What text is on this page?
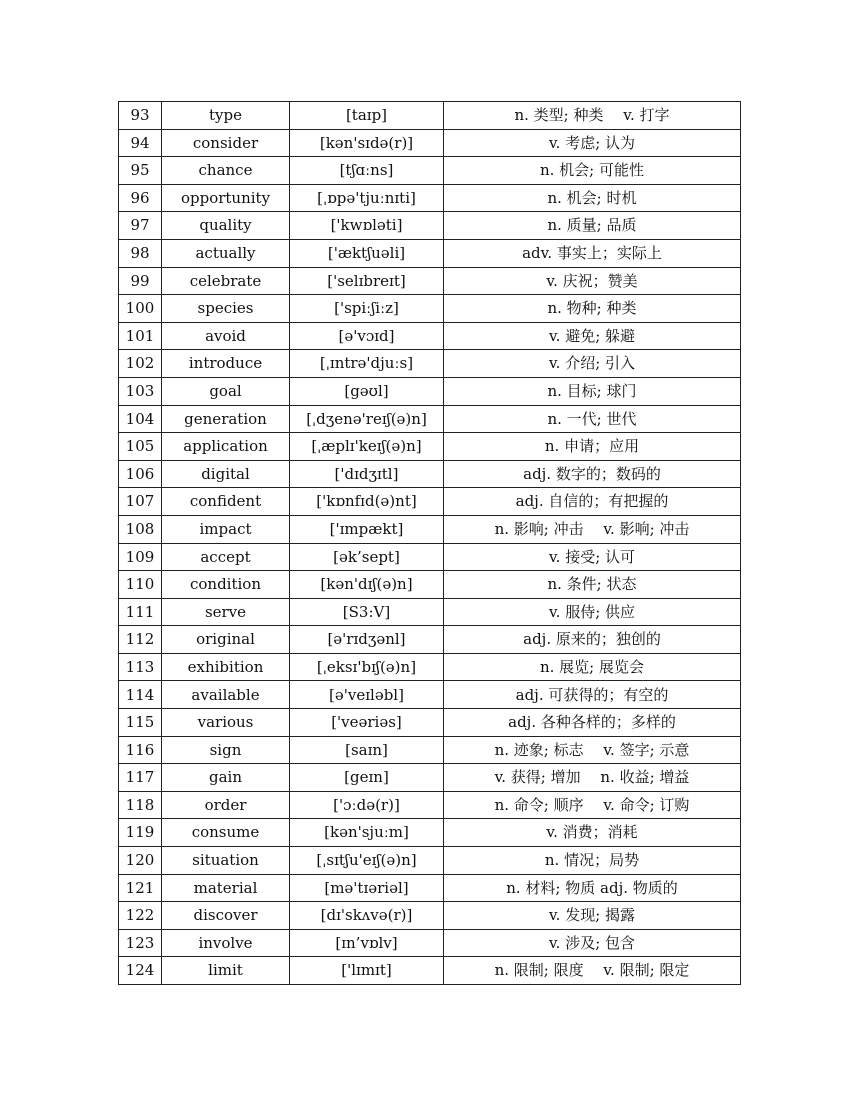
93	type	[taɪp]	n. 类型; 种类  v. 打字
94	consider	[kən'sɪdə(r)]	v. 考虑; 认为
95	chance	[tʃɑːns]	n. 机会; 可能性
96	opportunity	[ˌɒpə'tjuːnɪti]	n. 机会; 时机
97	quality	['kwɒləti]	n. 质量; 品质
98	actually	['æktʃuəli]	adv. 事实上；实际上
99	celebrate	['selɪbreɪt]	v. 庆祝；赞美
100	species	['spiːʃiːz]	n. 物种; 种类
101	avoid	[ə'vɔɪd]	v. 避免; 躲避
102	introduce	[ˌɪntrə'djuːs]	v. 介绍; 引入
103	goal	[gəʊl]	n. 目标; 球门
104	generation	[ˌdʒenə'reɪʃ(ə)n]	n. 一代; 世代
105	application	[ˌæplɪ'keɪʃ(ə)n]	n. 申请；应用
106	digital	['dɪdʒɪtl]	adj. 数字的；数码的
107	confident	['kɒnfɪd(ə)nt]	adj. 自信的；有把握的
108	impact	['ɪmpækt]	n. 影响; 冲击  v. 影响; 冲击
109	accept	[ək’sept]	v. 接受; 认可
110	condition	[kən'dɪʃ(ə)n]	n. 条件; 状态
111	serve	[S3:V]	v. 服侍; 供应
112	original	[ə'rɪdʒənl]	adj. 原来的；独创的
113	exhibition	[ˌeksɪ'bɪʃ(ə)n]	n. 展览; 展览会
114	available	[ə'veɪləbl]	adj. 可获得的；有空的
115	various	['veəriəs]	adj. 各种各样的；多样的
116	sign	[saɪn]	n. 迹象; 标志  v. 签字; 示意
117	gain	[geɪn]	v. 获得; 增加  n. 收益; 增益
118	order	['ɔːdə(r)]	n. 命令; 顺序  v. 命令; 订购
119	consume	[kən'sjuːm]	v. 消费；消耗
120	situation	[ˌsɪtʃu'eɪʃ(ə)n]	n. 情况；局势
121	material	[mə'tɪəriəl]	n. 材料; 物质 adj. 物质的
122	discover	[dɪ'skʌvə(r)]	v. 发现; 揭露
123	involve	[ɪn’vɒlv]	v. 涉及; 包含
124	limit	['lɪmɪt]	n. 限制; 限度  v. 限制; 限定
